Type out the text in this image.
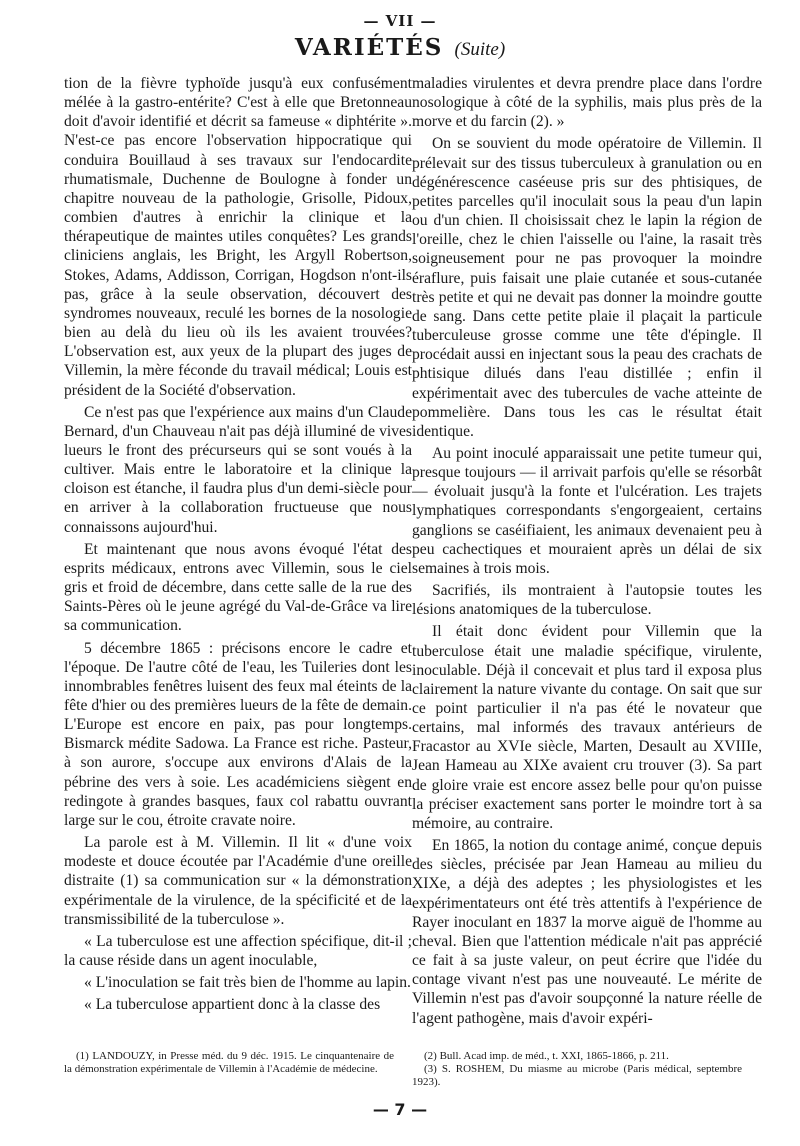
— VII —
VARIÉTÉS (Suite)

tion de la fièvre typhoïde jusqu'à eux confusément mélée à la gastro-entérite? C'est à elle que Bretonneau doit d'avoir identifié et décrit sa fameuse « diphtérite ». N'est-ce pas encore l'observation hippocratique qui conduira Bouillaud à ses travaux sur l'endocardite rhumatismale, Duchenne de Boulogne à fonder un chapitre nouveau de la pathologie, Grisolle, Pidoux, combien d'autres à enrichir la clinique et la thérapeutique de maintes utiles conquêtes? Les grands cliniciens anglais, les Bright, les Argyll Robertson, Stokes, Adams, Addisson, Corrigan, Hogdson n'ont-ils pas, grâce à la seule observation, découvert des syndromes nouveaux, reculé les bornes de la nosologie bien au delà du lieu où ils les avaient trouvées? L'observation est, aux yeux de la plupart des juges de Villemin, la mère féconde du travail médical; Louis est président de la Société d'observation.

Ce n'est pas que l'expérience aux mains d'un Claude Bernard, d'un Chauveau n'ait pas déjà illuminé de vives lueurs le front des précurseurs qui se sont voués à la cultiver. Mais entre le laboratoire et la clinique la cloison est étanche, il faudra plus d'un demi-siècle pour en arriver à la collaboration fructueuse que nous connaissons aujourd'hui.

Et maintenant que nous avons évoqué l'état des esprits médicaux, entrons avec Villemin, sous le ciel gris et froid de décembre, dans cette salle de la rue des Saints-Pères où le jeune agrégé du Val-de-Grâce va lire sa communication.

5 décembre 1865 : précisons encore le cadre et l'époque. De l'autre côté de l'eau, les Tuileries dont les innombrables fenêtres luisent des feux mal éteints de la fête d'hier ou des premières lueurs de la fête de demain. L'Europe est encore en paix, pas pour longtemps. Bismarck médite Sadowa. La France est riche. Pasteur, à son aurore, s'occupe aux environs d'Alais de la pébrine des vers à soie. Les académiciens siègent en redingote à grandes basques, faux col rabattu ouvrant large sur le cou, étroite cravate noire.

La parole est à M. Villemin. Il lit « d'une voix modeste et douce écoutée par l'Académie d'une oreille distraite (1) sa communication sur « la démonstration expérimentale de la virulence, de la spécificité et de la transmissibilité de la tuberculose ».

« La tuberculose est une affection spécifique, dit-il ; la cause réside dans un agent inoculable,

« L'inoculation se fait très bien de l'homme au lapin.

« La tuberculose appartient donc à la classe des

maladies virulentes et devra prendre place dans l'ordre nosologique à côté de la syphilis, mais plus près de la morve et du farcin (2). »

On se souvient du mode opératoire de Villemin. Il prélevait sur des tissus tuberculeux à granulation ou en dégénérescence caséeuse pris sur des phtisiques, de petites parcelles qu'il inoculait sous la peau d'un lapin ou d'un chien. Il choisissait chez le lapin la région de l'oreille, chez le chien l'aisselle ou l'aine, la rasait très soigneusement pour ne pas provoquer la moindre éraflure, puis faisait une plaie cutanée et sous-cutanée très petite et qui ne devait pas donner la moindre goutte de sang. Dans cette petite plaie il plaçait la particule tuberculeuse grosse comme une tête d'épingle. Il procédait aussi en injectant sous la peau des crachats de phtisique dilués dans l'eau distillée ; enfin il expérimentait avec des tubercules de vache atteinte de pommelière. Dans tous les cas le résultat était identique.

Au point inoculé apparaissait une petite tumeur qui, presque toujours — il arrivait parfois qu'elle se résorbât — évoluait jusqu'à la fonte et l'ulcération. Les trajets lymphatiques correspondants s'engorgeaient, certains ganglions se caséifiaient, les animaux devenaient peu à peu cachectiques et mouraient après un délai de six semaines à trois mois.

Sacrifiés, ils montraient à l'autopsie toutes les lésions anatomiques de la tuberculose.

Il était donc évident pour Villemin que la tuberculose était une maladie spécifique, virulente, inoculable. Déjà il concevait et plus tard il exposa plus clairement la nature vivante du contage. On sait que sur ce point particulier il n'a pas été le novateur que certains, mal informés des travaux antérieurs de Fracastor au XVIe siècle, Marten, Desault au XVIIIe, Jean Hameau au XIXe avaient cru trouver (3). Sa part de gloire vraie est encore assez belle pour qu'on puisse la préciser exactement sans porter le moindre tort à sa mémoire, au contraire.

En 1865, la notion du contage animé, conçue depuis des siècles, précisée par Jean Hameau au milieu du XIXe, a déjà des adeptes ; les physiologistes et les expérimentateurs ont été très attentifs à l'expérience de Rayer inoculant en 1837 la morve aiguë de l'homme au cheval. Bien que l'attention médicale n'ait pas apprécié ce fait à sa juste valeur, on peut écrire que l'idée du contage vivant n'est pas une nouveauté. Le mérite de Villemin n'est pas d'avoir soupçonné la nature réelle de l'agent pathogène, mais d'avoir expéri-

(1) LANDOUZY, in Presse méd. du 9 déc. 1915. Le cinquantenaire de la démonstration expérimentale de Villemin à l'Académie de médecine.

(2) Bull. Acad imp. de méd., t. XXI, 1865-1866, p. 211.

(3) S. ROSHEM, Du miasme au microbe (Paris médical, septembre 1923).

— 7 —
